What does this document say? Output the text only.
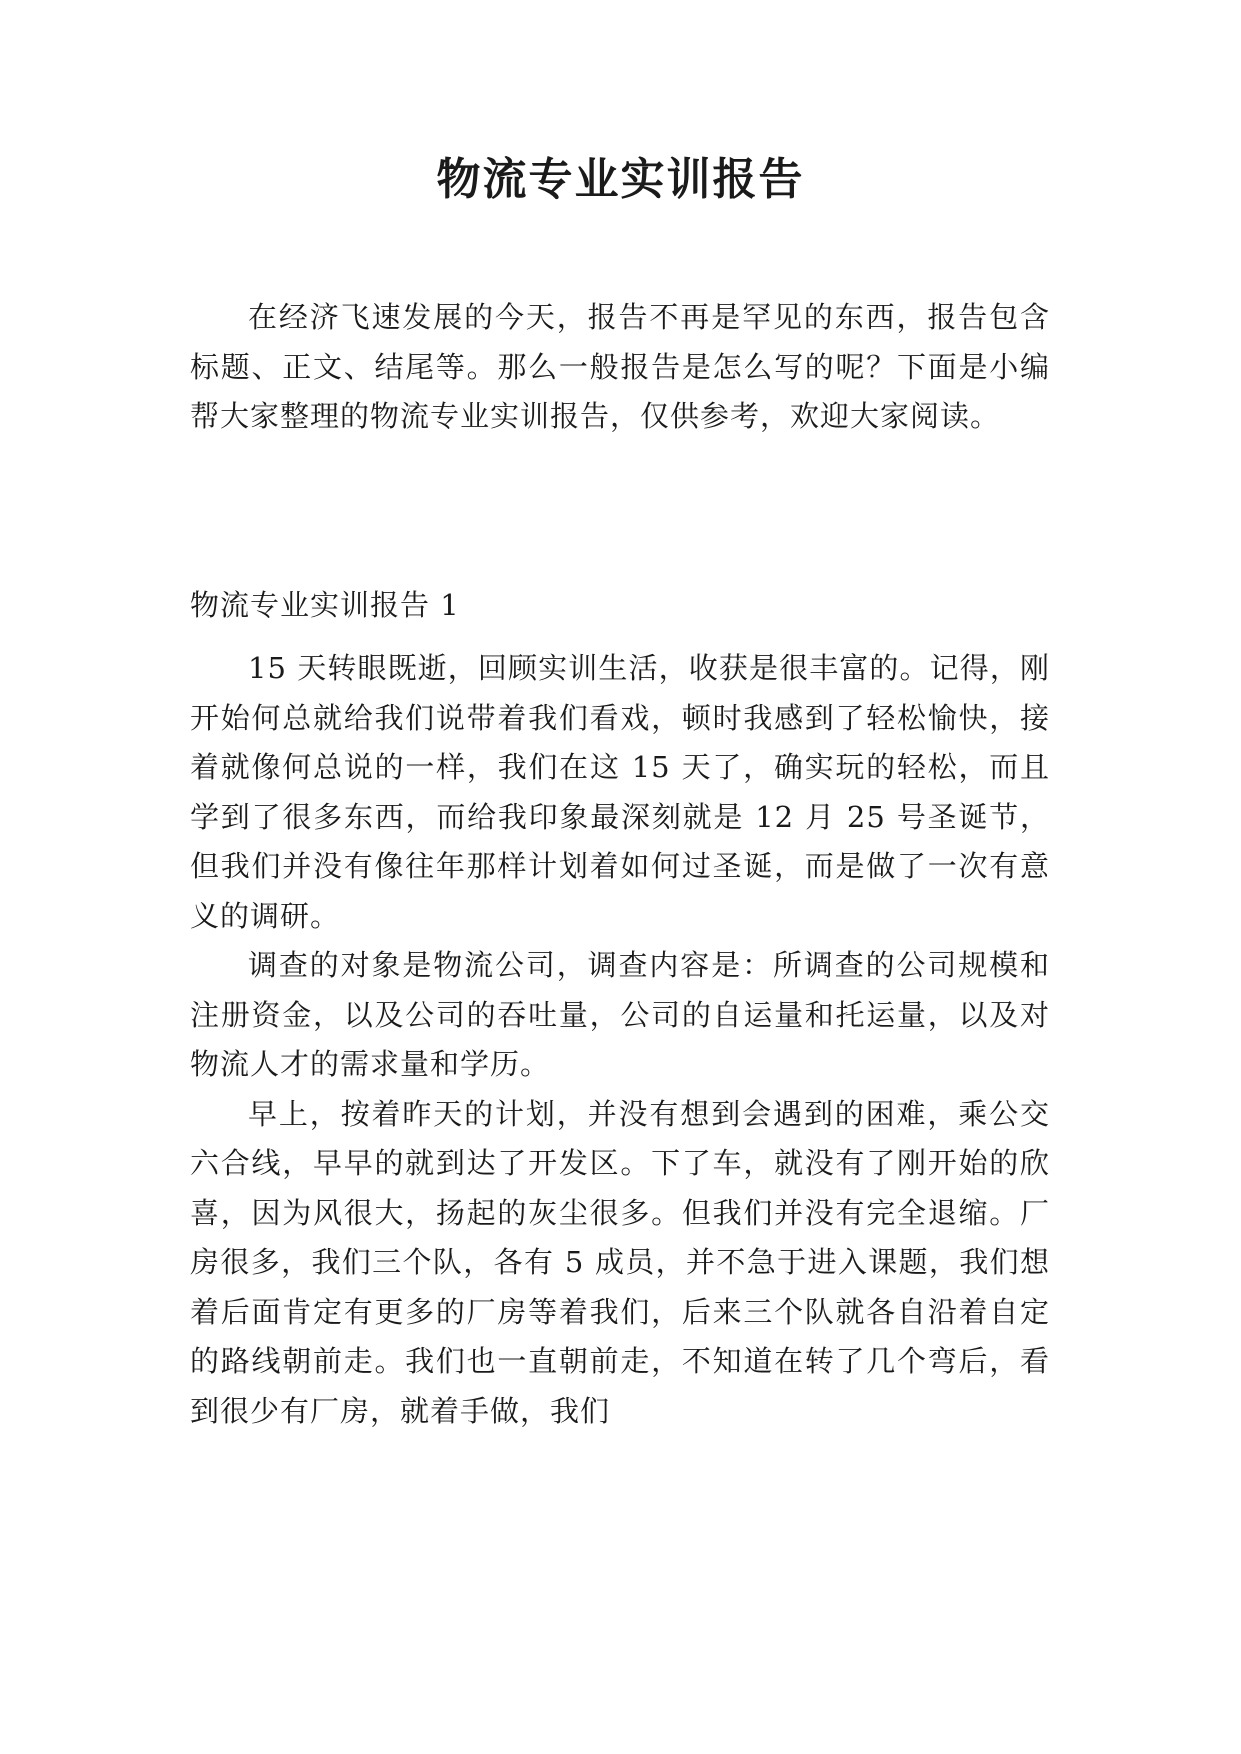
物流专业实训报告

在经济飞速发展的今天，报告不再是罕见的东西，报告包含标题、正文、结尾等。那么一般报告是怎么写的呢？下面是小编帮大家整理的物流专业实训报告，仅供参考，欢迎大家阅读。

物流专业实训报告 1

15 天转眼既逝，回顾实训生活，收获是很丰富的。记得，刚开始何总就给我们说带着我们看戏，顿时我感到了轻松愉快，接着就像何总说的一样，我们在这 15 天了，确实玩的轻松，而且学到了很多东西，而给我印象最深刻就是 12 月 25 号圣诞节，但我们并没有像往年那样计划着如何过圣诞，而是做了一次有意义的调研。

调查的对象是物流公司，调查内容是：所调查的公司规模和注册资金，以及公司的吞吐量，公司的自运量和托运量，以及对物流人才的需求量和学历。

早上，按着昨天的计划，并没有想到会遇到的困难，乘公交六合线，早早的就到达了开发区。下了车，就没有了刚开始的欣喜，因为风很大，扬起的灰尘很多。但我们并没有完全退缩。厂房很多，我们三个队，各有 5 成员，并不急于进入课题，我们想着后面肯定有更多的厂房等着我们，后来三个队就各自沿着自定的路线朝前走。我们也一直朝前走，不知道在转了几个弯后，看到很少有厂房，就着手做，我们
